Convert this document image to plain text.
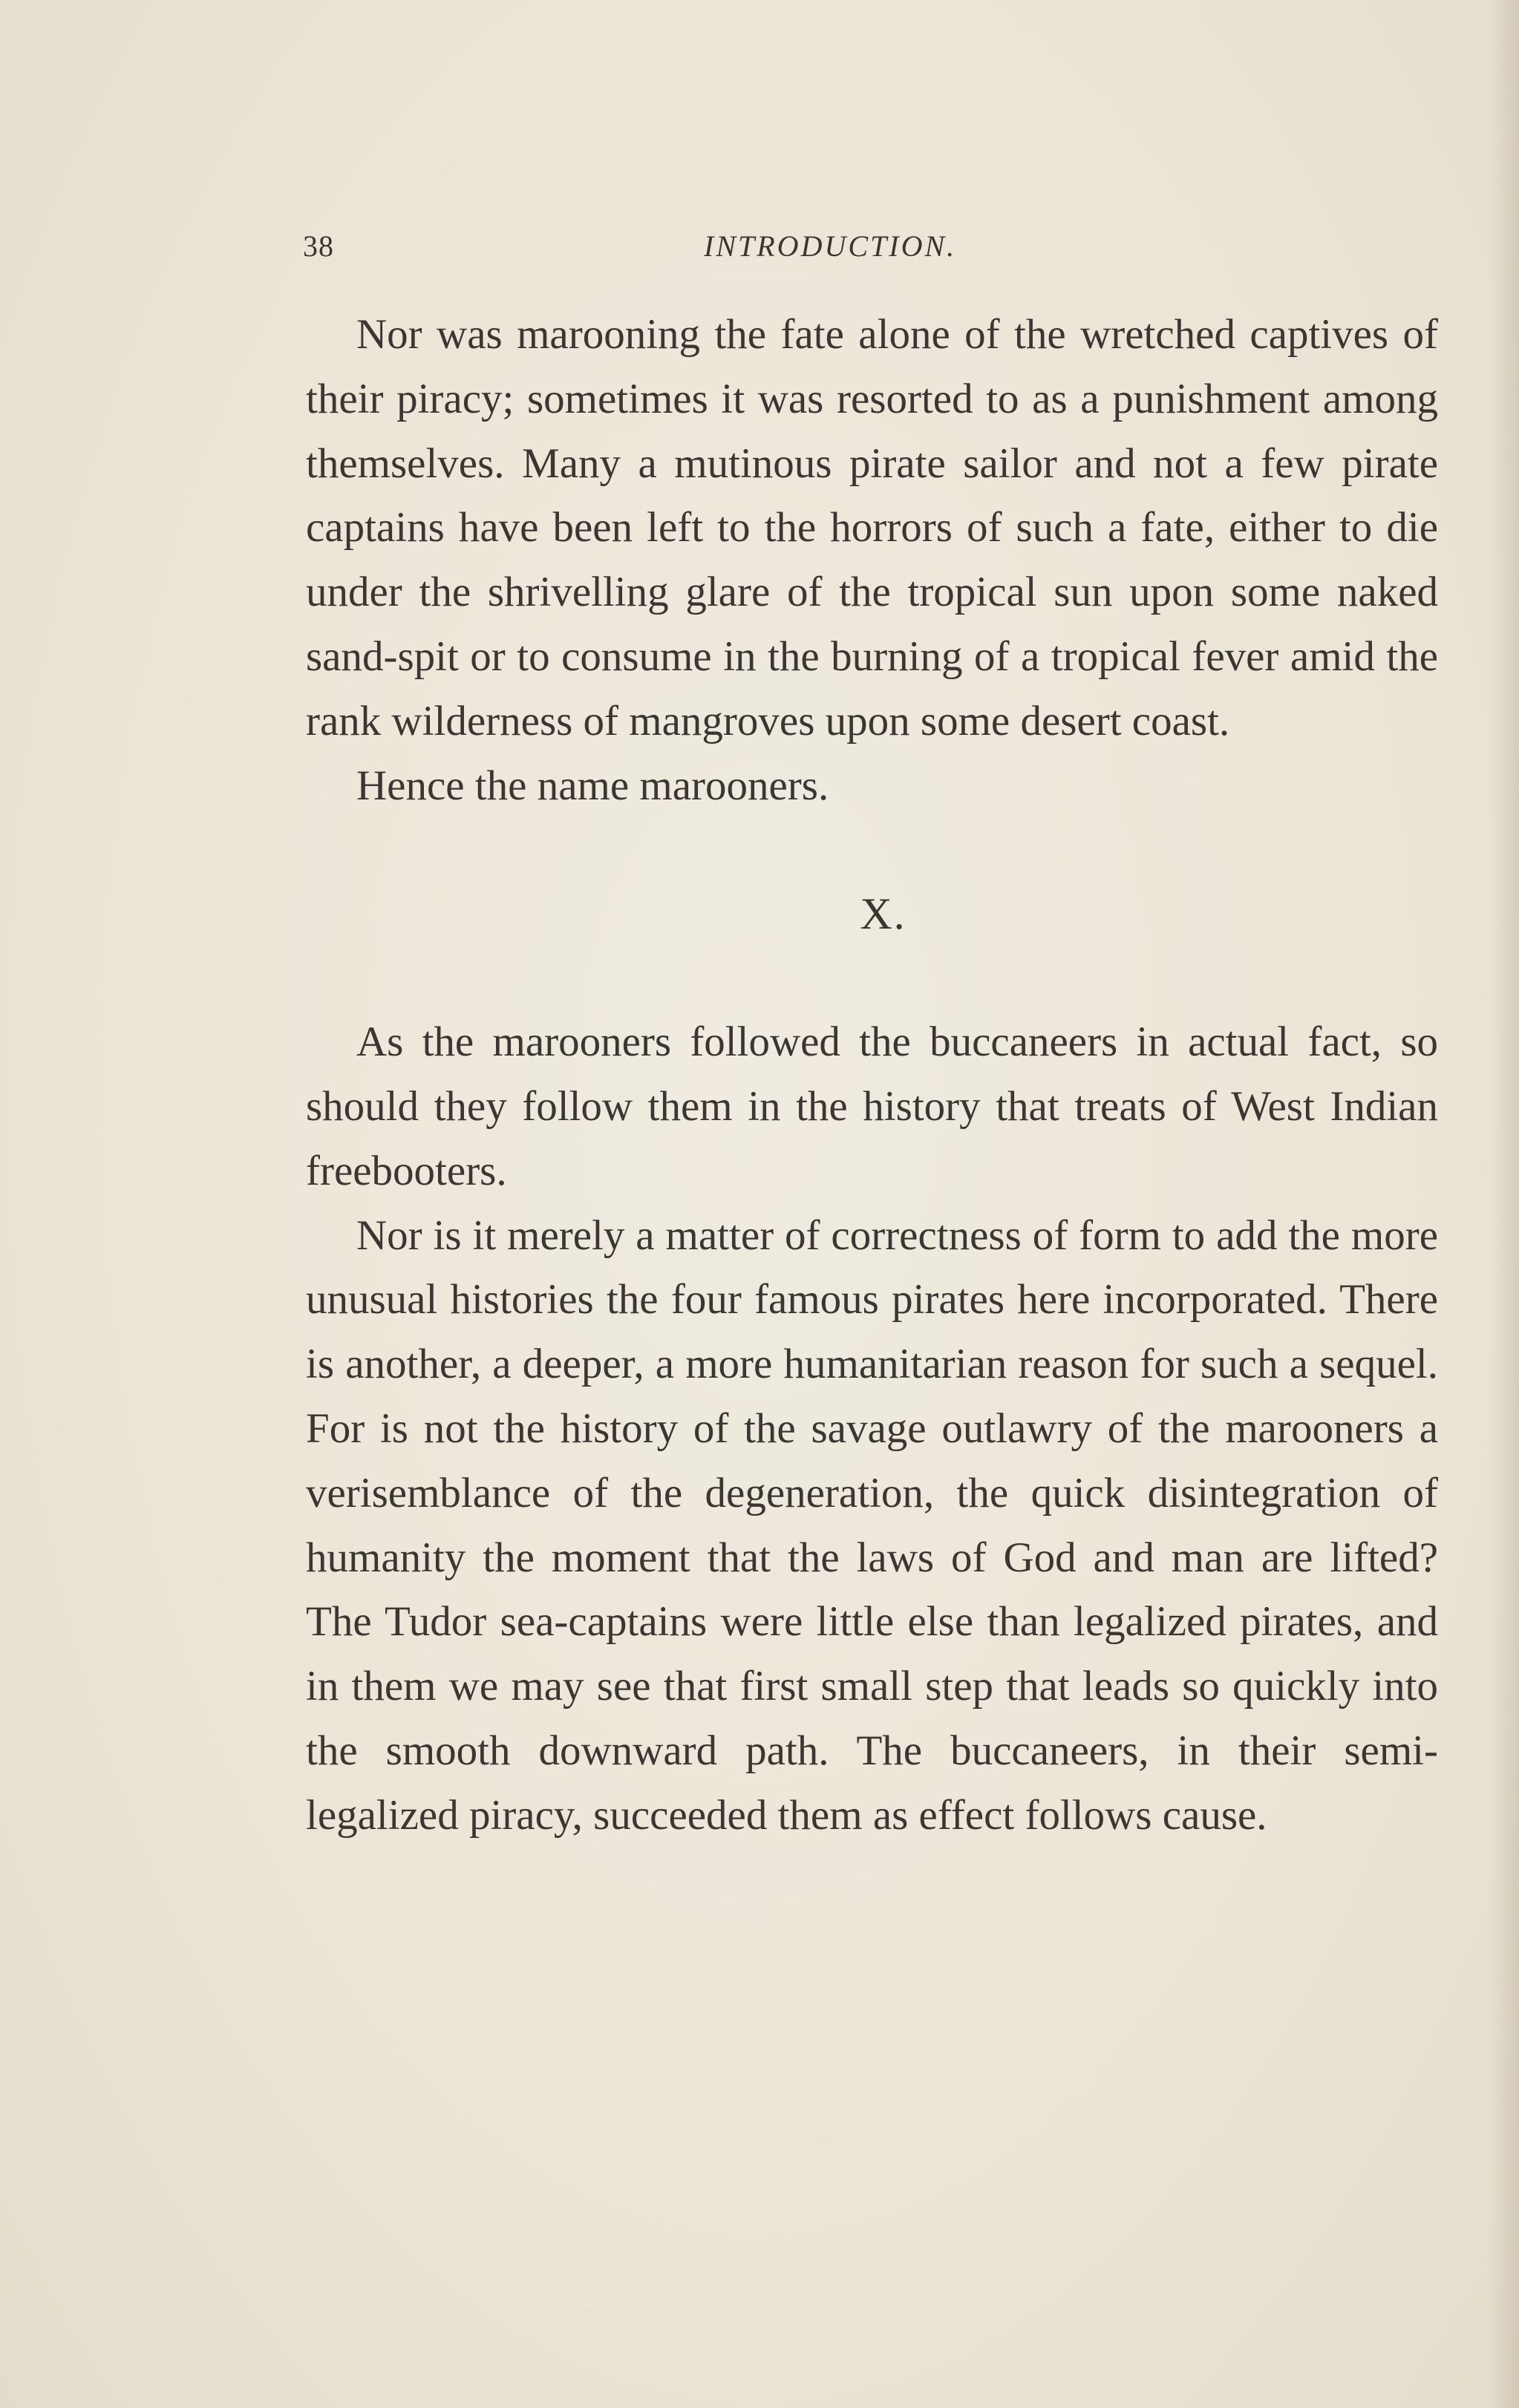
38	INTRODUCTION.

Nor was marooning the fate alone of the wretched captives of their piracy; sometimes it was resorted to as a punishment among themselves. Many a mutinous pirate sailor and not a few pirate captains have been left to the horrors of such a fate, either to die under the shrivelling glare of the tropical sun upon some naked sand-spit or to consume in the burning of a tropical fever amid the rank wilderness of mangroves upon some desert coast.

Hence the name marooners.

X.

As the marooners followed the buccaneers in actual fact, so should they follow them in the history that treats of West Indian freebooters.

Nor is it merely a matter of correctness of form to add the more unusual histories the four famous pirates here incorporated. There is another, a deeper, a more humanitarian reason for such a sequel. For is not the history of the savage outlawry of the marooners a verisemblance of the degeneration, the quick disintegration of humanity the moment that the laws of God and man are lifted? The Tudor sea-captains were little else than legalized pirates, and in them we may see that first small step that leads so quickly into the smooth downward path. The buccaneers, in their semi-legalized piracy, succeeded them as effect follows cause.
